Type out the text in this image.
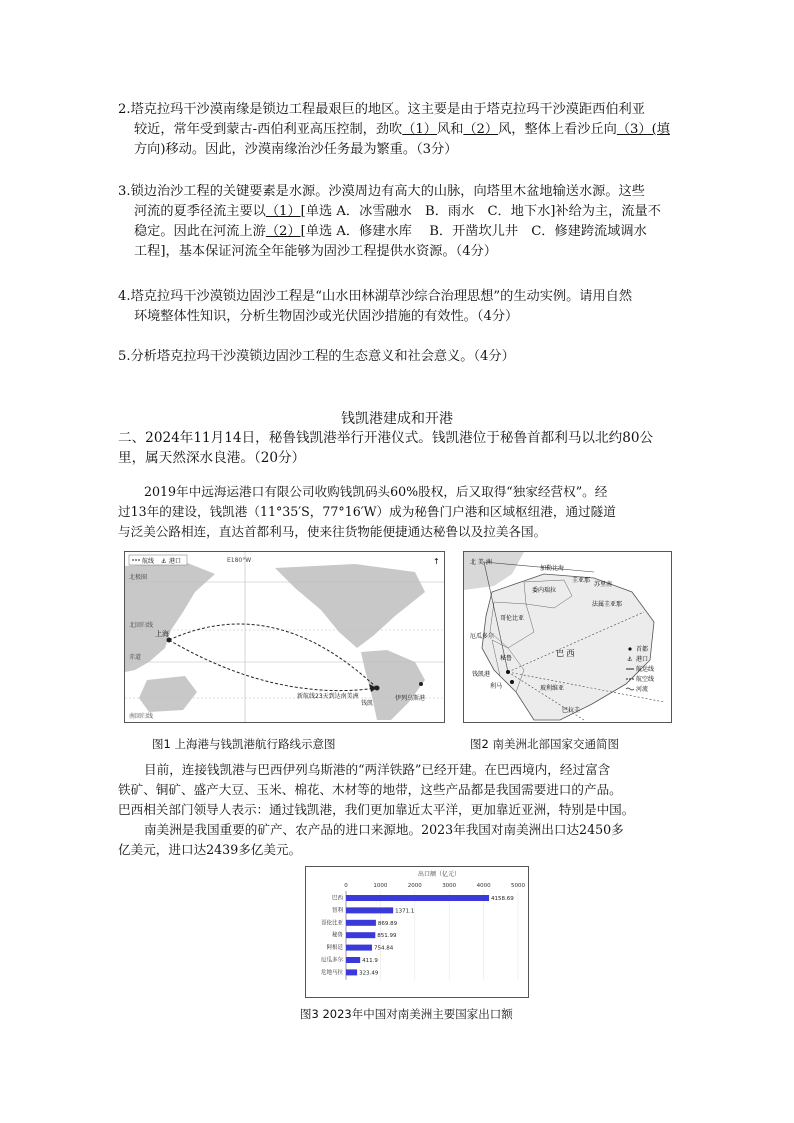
2.塔克拉玛干沙漠南缘是锁边工程最艰巨的地区。这主要是由于塔克拉玛干沙漠距西伯利亚

较近，常年受到蒙古-西伯利亚高压控制，劲吹（1）风和（2）风，整体上看沙丘向（3）(填
方向)移动。因此，沙漠南缘治沙任务最为繁重。（3分）
3.锁边治沙工程的关键要素是水源。沙漠周边有高大的山脉，向塔里木盆地输送水源。这些

河流的夏季径流主要以（1）[单选 A．冰雪融水　B．雨水　C．地下水]补给为主，流量不
稳定。因此在河流上游（2）[单选 A．修建水库　 B．开凿坎儿井　C．修建跨流域调水
工程]，基本保证河流全年能够为固沙工程提供水资源。（4分）
4.塔克拉玛干沙漠锁边固沙工程是“山水田林湖草沙综合治理思想”的生动实例。请用自然

环境整体性知识，分析生物固沙或光伏固沙措施的有效性。（4分）
5.分析塔克拉玛干沙漠锁边固沙工程的生态意义和社会意义。（4分）
钱凯港建成和开港
二、2024年11月14日，秘鲁钱凯港举行开港仪式。钱凯港位于秘鲁首都利马以北约80公
里，属天然深水良港。（20分）
2019年中远海运港口有限公司收购钱凯码头60%股权，后又取得“独家经营权”。经
过13年的建设，钱凯港（11°35′S，77°16′W）成为秘鲁门户港和区域枢纽港，通过隧道
与泛美公路相连，直达首都利马，使来往货物能便捷通达秘鲁以及拉美各国。
航线 ⚓ 港口	E180°W
北极圈
上海
北回归线
赤道
新航线23天到达南美洲
钱凯
伊列乌斯港
南回归线
↑
图1 上海港与钱凯港航行路线示意图
北 美 洲
加勒比海
委内瑞拉
圭亚那
苏里南
法属圭亚那
哥伦比亚
厄瓜多尔
秘鲁
巴 西
玻利维亚
钱凯港
利马
巴拉圭
首都
⚓ 港口
航运线
航空线
河流
图2 南美洲北部国家交通简图
目前，连接钱凯港与巴西伊列乌斯港的“两洋铁路”已经开建。在巴西境内，经过富含
铁矿、铜矿、盛产大豆、玉米、棉花、木材等的地带，这些产品都是我国需要进口的产品。
巴西相关部门领导人表示：通过钱凯港，我们更加靠近太平洋，更加靠近亚洲，特别是中国。
南美洲是我国重要的矿产、农产品的进口来源地。2023年我国对南美洲出口达2450多
亿美元，进口达2439多亿美元。
出口额（亿元）
0	1000	2000	3000	4000	5000
巴西	4158.69
智利	1371.1
哥伦比亚	869.89
秘鲁	851.99
阿根廷	754.84
厄瓜多尔	411.9
危地马拉	323.49
图3 2023年中国对南美洲主要国家出口额
